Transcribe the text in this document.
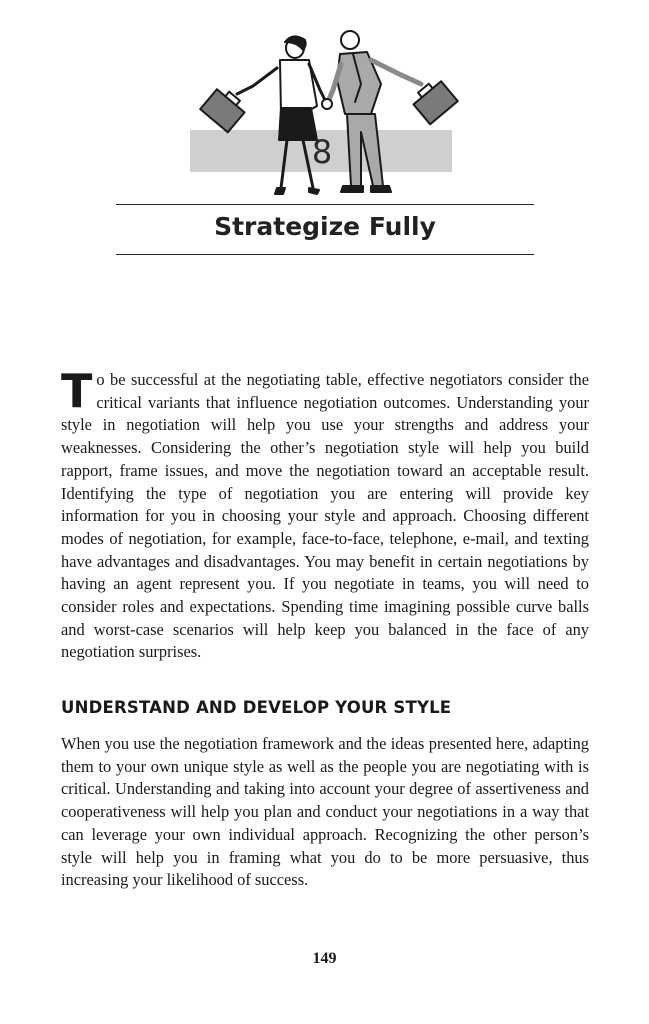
8
Strategize Fully

To be successful at the negotiating table, effective negotiators consider the critical variants that influence negotiation outcomes. Understanding your style in negotiation will help you use your strengths and address your weaknesses. Considering the other’s negotiation style will help you build rapport, frame issues, and move the negotiation toward an acceptable result. Identifying the type of negotiation you are entering will provide key information for you in choosing your style and approach. Choosing different modes of negotiation, for example, face-to-face, telephone, e-mail, and texting have advantages and disadvantages. You may benefit in certain negotiations by having an agent represent you. If you negotiate in teams, you will need to consider roles and expectations. Spending time imagining possible curve balls and worst-case scenarios will help keep you balanced in the face of any negotiation surprises.

UNDERSTAND AND DEVELOP YOUR STYLE

When you use the negotiation framework and the ideas presented here, adapting them to your own unique style as well as the people you are negotiating with is critical. Understanding and taking into account your degree of assertiveness and cooperativeness will help you plan and conduct your negotiations in a way that can leverage your own individual approach. Recognizing the other person’s style will help you in framing what you do to be more persuasive, thus increasing your likelihood of success.

149
